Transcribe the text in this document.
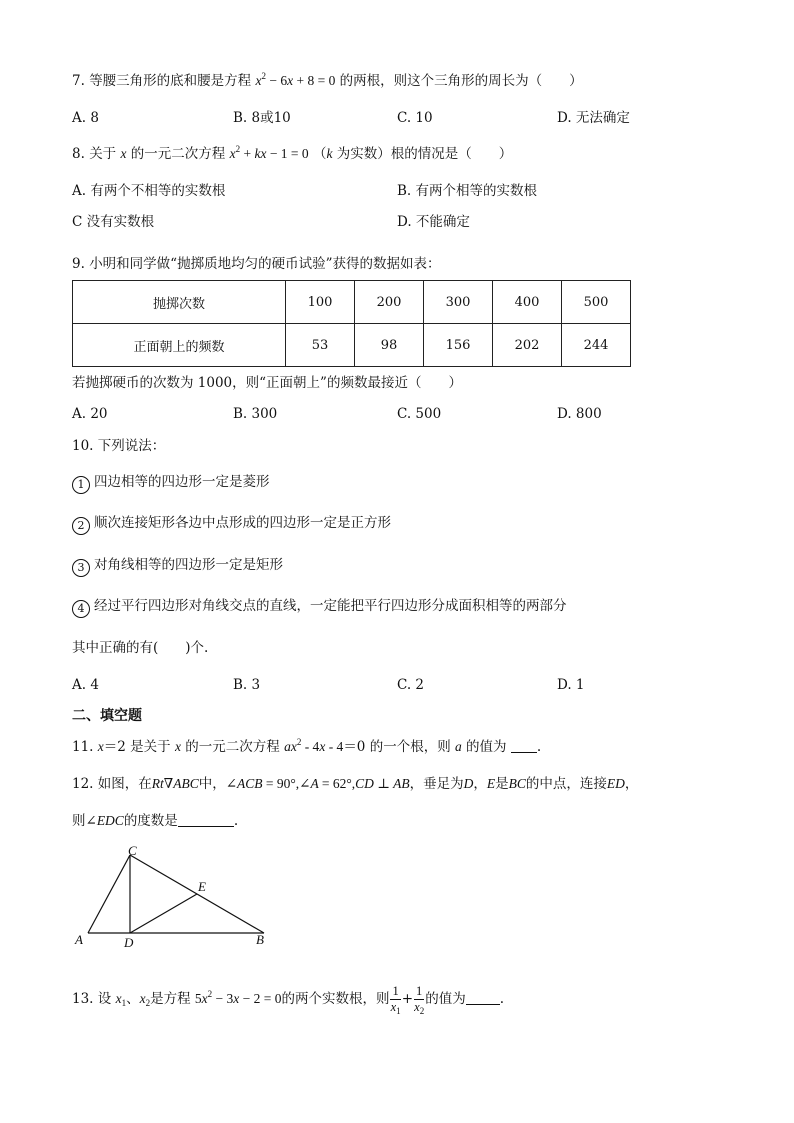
7. 等腰三角形的底和腰是方程 $x^2 - 6x + 8 = 0$ 的两根，则这个三角形的周长为（　　）
A. 8	B. 8或10	C. 10	D. 无法确定
8. 关于 x 的一元二次方程 $x^2$ + kx − 1 = 0 （k 为实数）根的情况是（　　）
A. 有两个不相等的实数根	B. 有两个相等的实数根
C 没有实数根	D. 不能确定
9. 小明和同学做“抛掷质地均匀的硬币试验”获得的数据如表：
抛掷次数	100	200	300	400	500
正面朝上的频数	53	98	156	202	244
若抛掷硬币的次数为 1000，则“正面朝上”的频数最接近（　　）
A. 20	B. 300	C. 500	D. 800
10. 下列说法：
1 四边相等的四边形一定是菱形
2 顺次连接矩形各边中点形成的四边形一定是正方形
3 对角线相等的四边形一定是矩形
4 经过平行四边形对角线交点的直线，一定能把平行四边形分成面积相等的两部分
其中正确的有(　　)个.
A. 4	B. 3	C. 2	D. 1
二、填空题
11. x＝2 是关于 x 的一元二次方程 $ax^2 - 4x - 4=0$ 的一个根，则 a 的值为 .
12. 如图，在Rt∇ABC中，∠ACB = 90°,∠A = 62°,CD ⊥ AB，垂足为D，E是BC的中点，连接ED，
则∠EDC的度数是	.
C
E
A	D	B
13. 设 $x_1$、$x_2$是方程 $5x^2 - 3x - 2 = 0$的两个实数根，则 $\frac{1}{x_1} + \frac{1}{x_2}$ 的值为	.
